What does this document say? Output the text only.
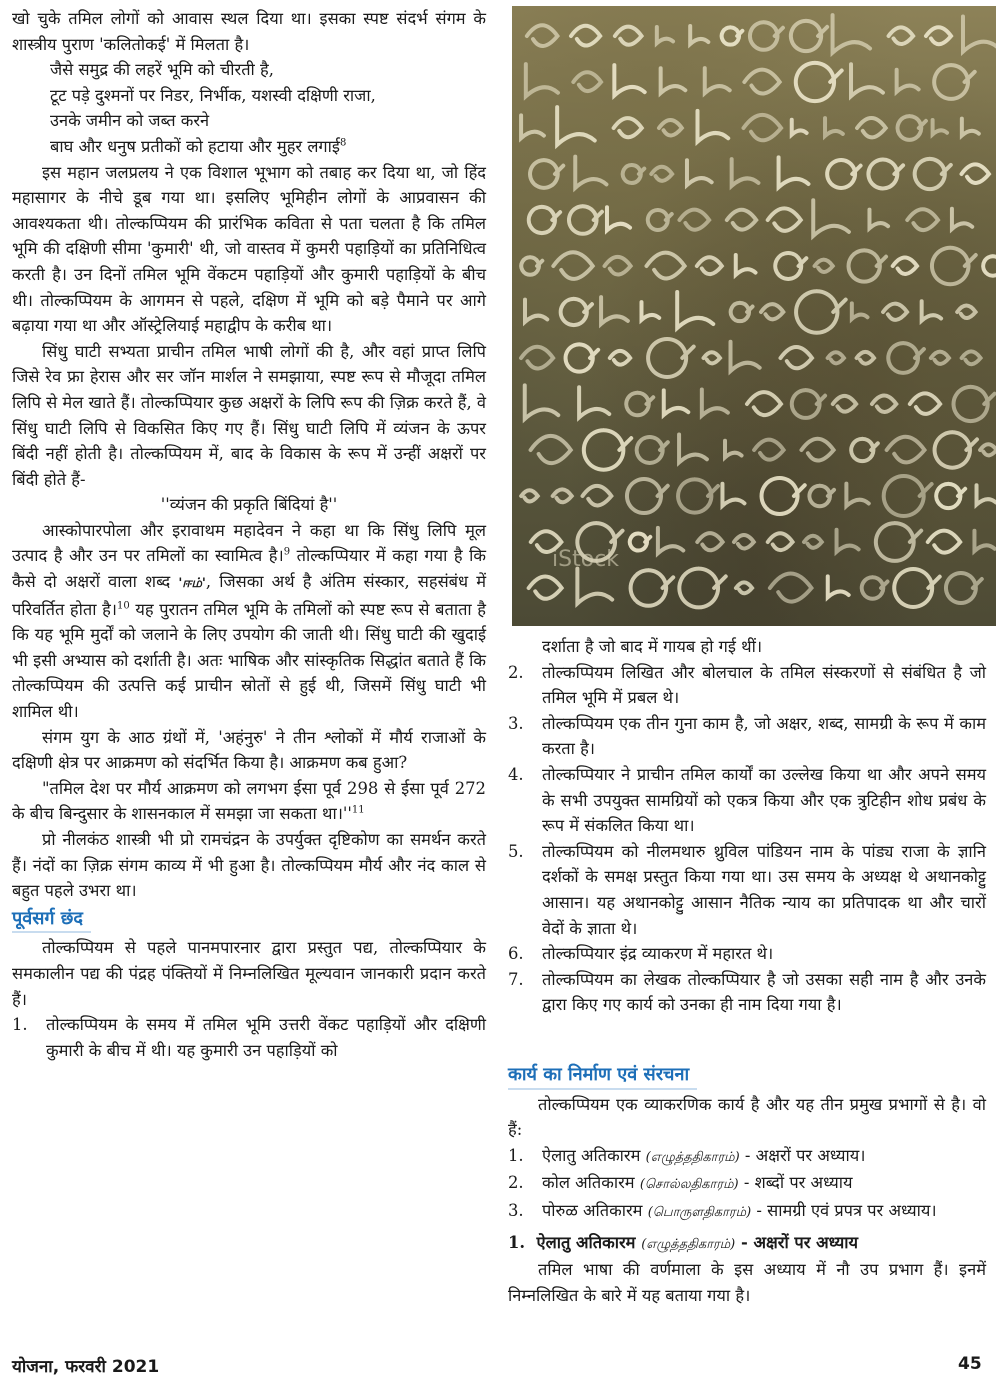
खो चुके तमिल लोगों को आवास स्थल दिया था। इसका स्पष्ट संदर्भ संगम के शास्त्रीय पुराण 'कलितोकई' में मिलता है।

जैसे समुद्र की लहरें भूमि को चीरती है,
टूट पड़े दुश्मनों पर निडर, निर्भीक, यशस्वी दक्षिणी राजा,
उनके जमीन को जब्त करने
बाघ और धनुष प्रतीकों को हटाया और मुहर लगाई$^8$

इस महान जलप्रलय ने एक विशाल भूभाग को तबाह कर दिया था, जो हिंद महासागर के नीचे डूब गया था। इसलिए भूमिहीन लोगों के आप्रवासन की आवश्यकता थी। तोल्कप्पियम की प्रारंभिक कविता से पता चलता है कि तमिल भूमि की दक्षिणी सीमा 'कुमारी' थी, जो वास्तव में कुमरी पहाड़ियों का प्रतिनिधित्व करती है। उन दिनों तमिल भूमि वेंकटम पहाड़ियों और कुमारी पहाड़ियों के बीच थी। तोल्कप्पियम के आगमन से पहले, दक्षिण में भूमि को बड़े पैमाने पर आगे बढ़ाया गया था और ऑस्ट्रेलियाई महाद्वीप के करीब था।

सिंधु घाटी सभ्यता प्राचीन तमिल भाषी लोगों की है, और वहां प्राप्त लिपि जिसे रेव फ्रा हेरास और सर जॉन मार्शल ने समझाया, स्पष्ट रूप से मौजूदा तमिल लिपि से मेल खाते हैं। तोल्कप्पियार कुछ अक्षरों के लिपि रूप की ज़िक्र करते हैं, वे सिंधु घाटी लिपि से विकसित किए गए हैं। सिंधु घाटी लिपि में व्यंजन के ऊपर बिंदी नहीं होती है। तोल्कप्पियम में, बाद के विकास के रूप में उन्हीं अक्षरों पर बिंदी होते हैं-

''व्यंजन की प्रकृति बिंदियां है''

आस्कोपारपोला और इरावाथम महादेवन ने कहा था कि सिंधु लिपि मूल उत्पाद है और उन पर तमिलों का स्वामित्व है।$^9$ तोल्कप्पियार में कहा गया है कि कैसे दो अक्षरों वाला शब्द 'ஈம்', जिसका अर्थ है अंतिम संस्कार, सहसंबंध में परिवर्तित होता है।$^{10}$ यह पुरातन तमिल भूमि के तमिलों को स्पष्ट रूप से बताता है कि यह भूमि मुर्दों को जलाने के लिए उपयोग की जाती थी। सिंधु घाटी की खुदाई भी इसी अभ्यास को दर्शाती है। अतः भाषिक और सांस्कृतिक सिद्धांत बताते हैं कि तोल्कप्पियम की उत्पत्ति कई प्राचीन स्रोतों से हुई थी, जिसमें सिंधु घाटी भी शामिल थी।

संगम युग के आठ ग्रंथों में, 'अहंनुरु' ने तीन श्लोकों में मौर्य राजाओं के दक्षिणी क्षेत्र पर आक्रमण को संदर्भित किया है। आक्रमण कब हुआ?

"तमिल देश पर मौर्य आक्रमण को लगभग ईसा पूर्व 298 से ईसा पूर्व 272 के बीच बिन्दुसार के शासनकाल में समझा जा सकता $था।''^{11}$

प्रो नीलकंठ शास्त्री भी प्रो रामचंद्रन के उपर्युक्त दृष्टिकोण का समर्थन करते हैं। नंदों का ज़िक्र संगम काव्य में भी हुआ है। तोल्कप्पियम मौर्य और नंद काल से बहुत पहले उभरा था।

पूर्वसर्ग छंद

तोल्कप्पियम से पहले पानमपारनार द्वारा प्रस्तुत पद्य, तोल्कप्पियार के समकालीन पद्य की पंद्रह पंक्तियों में निम्नलिखित मूल्यवान जानकारी प्रदान करते हैं।

1.	तोल्कप्पियम के समय में तमिल भूमि उत्तरी वेंकट पहाड़ियों और दक्षिणी कुमारी के बीच में थी। यह कुमारी उन पहाड़ियों को
iStock

दर्शाता है जो बाद में गायब हो गई थीं।

2.	तोल्कप्पियम लिखित और बोलचाल के तमिल संस्करणों से संबंधित है जो तमिल भूमि में प्रबल थे।
3.	तोल्कप्पियम एक तीन गुना काम है, जो अक्षर, शब्द, सामग्री के रूप में काम करता है।
4.	तोल्कप्पियार ने प्राचीन तमिल कार्यों का उल्लेख किया था और अपने समय के सभी उपयुक्त सामग्रियों को एकत्र किया और एक त्रुटिहीन शोध प्रबंध के रूप में संकलित किया था।
5.	तोल्कप्पियम को नीलमथारु थ्रुविल पांडियन नाम के पांड्य राजा के ज्ञानि दर्शकों के समक्ष प्रस्तुत किया गया था। उस समय के अध्यक्ष थे अथानकोट्टु आसान। यह अथानकोट्टु आसान नैतिक न्याय का प्रतिपादक था और चारों वेदों के ज्ञाता थे।
6.	तोल्कप्पियार इंद्र व्याकरण में महारत थे।
7.	तोल्कप्पियम का लेखक तोल्कप्पियार है जो उसका सही नाम है और उनके द्वारा किए गए कार्य को उनका ही नाम दिया गया है।
कार्य का निर्माण एवं संरचना

तोल्कप्पियम एक व्याकरणिक कार्य है और यह तीन प्रमुख प्रभागों से है। वो हैं:

1.	ऐलातु अतिकारम (எழுத்ததிகாரம்) - अक्षरों पर अध्याय।
2.	कोल अतिकारम (சொல்லதிகாரம்) - शब्दों पर अध्याय
3.	पोरुळ अतिकारम (பொருளதிகாரம்) - सामग्री एवं प्रपत्र पर अध्याय।
1. ऐलातु अतिकारम (எழுத்ததிகாரம்) - अक्षरों पर अध्याय

तमिल भाषा की वर्णमाला के इस अध्याय में नौ उप प्रभाग हैं। इनमें निम्नलिखित के बारे में यह बताया गया है।

योजना, फरवरी 2021	45
